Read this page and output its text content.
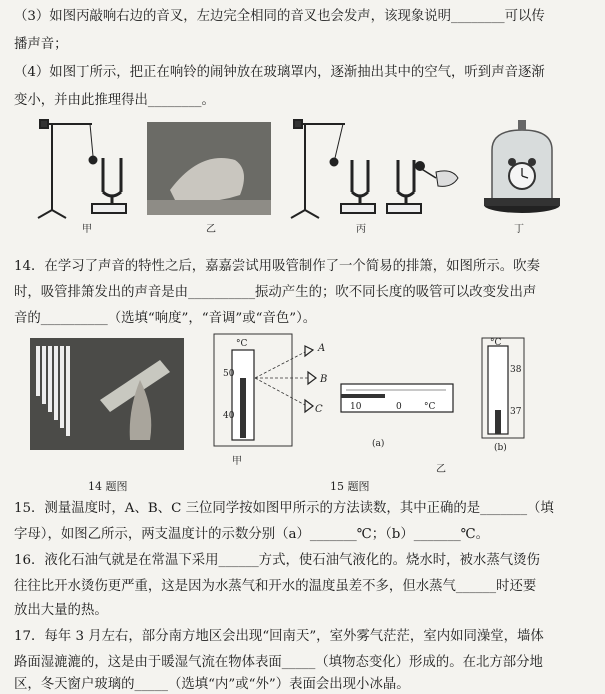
（3）如图丙敲响右边的音叉，左边完全相同的音叉也会发声，该现象说明________可以传
播声音；
（4）如图丁所示，把正在响铃的闹钟放在玻璃罩内，逐渐抽出其中的空气，听到声音逐渐
变小，并由此推理得出________。
甲	乙	丙	丁
14．在学习了声音的特性之后，嘉嘉尝试用吸管制作了一个简易的排箫，如图所示。吹奏
时，吸管排箫发出的声音是由__________振动产生的；吹不同长度的吸管可以改变发出声
音的__________（选填“响度”，“音调”或“音色”）。
14 题图
°C
50
40
A
B
C
甲
10	0 °C
(a)
°C
38
37
(b)
乙
15 题图
15．测量温度时，A、B、C 三位同学按如图甲所示的方法读数，其中正确的是_______（填
字母），如图乙所示，两支温度计的示数分别（a）_______℃；（b）_______℃。
16．液化石油气就是在常温下采用______方式，使石油气液化的。烧水时，被水蒸气烫伤
往往比开水烫伤更严重，这是因为水蒸气和开水的温度虽差不多，但水蒸气______时还要
放出大量的热。
17．每年 3 月左右，部分南方地区会出现“回南天”，室外雾气茫茫，室内如同澡堂，墙体
路面湿漉漉的，这是由于暖湿气流在物体表面_____（填物态变化）形成的。在北方部分地
区，冬天窗户玻璃的_____（选填“内”或“外”）表面会出现小冰晶。
